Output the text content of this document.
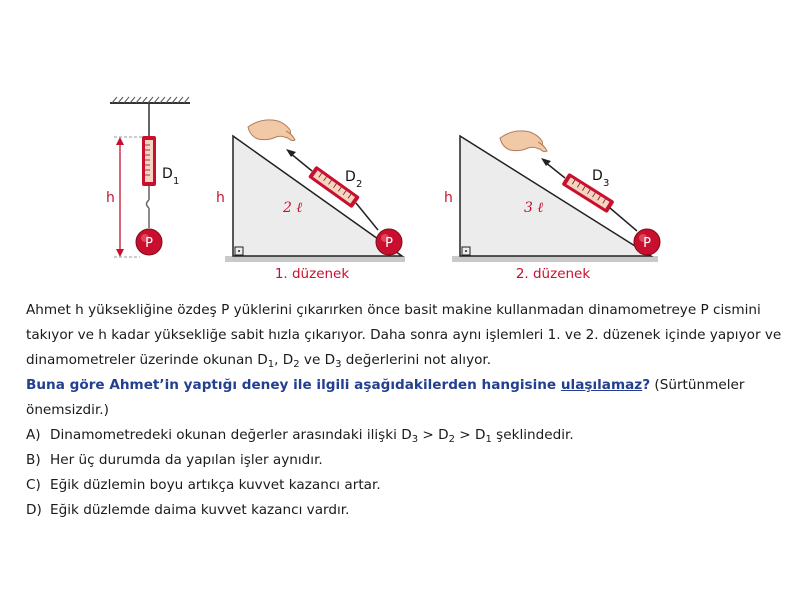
D 1
h
P
h
2 ℓ
D 2
P
1. düzenek
h
3 ℓ
D 3
P
2. düzenek

Ahmet h yüksekliğine özdeş P yüklerini çıkarırken önce basit makine kullanmadan dinamometreye P cismini takıyor ve h kadar yüksekliğe sabit hızla çıkarıyor. Daha sonra aynı işlemleri 1. ve 2. düzenek içinde yapıyor ve dinamometreler üzerinde okunan $D_1$, $D_2$ ve $D_3$ değerlerini not alıyor.

Buna göre Ahmet’in yaptığı deney ile ilgili aşağıdakilerden hangisine ulaşılamaz? (Sürtünmeler önemsizdir.)

A) Dinamometredeki okunan değerler arasındaki ilişki $D_3 > D_2 > D_1$ şeklindedir.

B) Her üç durumda da yapılan işler aynıdır.

C) Eğik düzlemin boyu artıkça kuvvet kazancı artar.

D) Eğik düzlemde daima kuvvet kazancı vardır.
